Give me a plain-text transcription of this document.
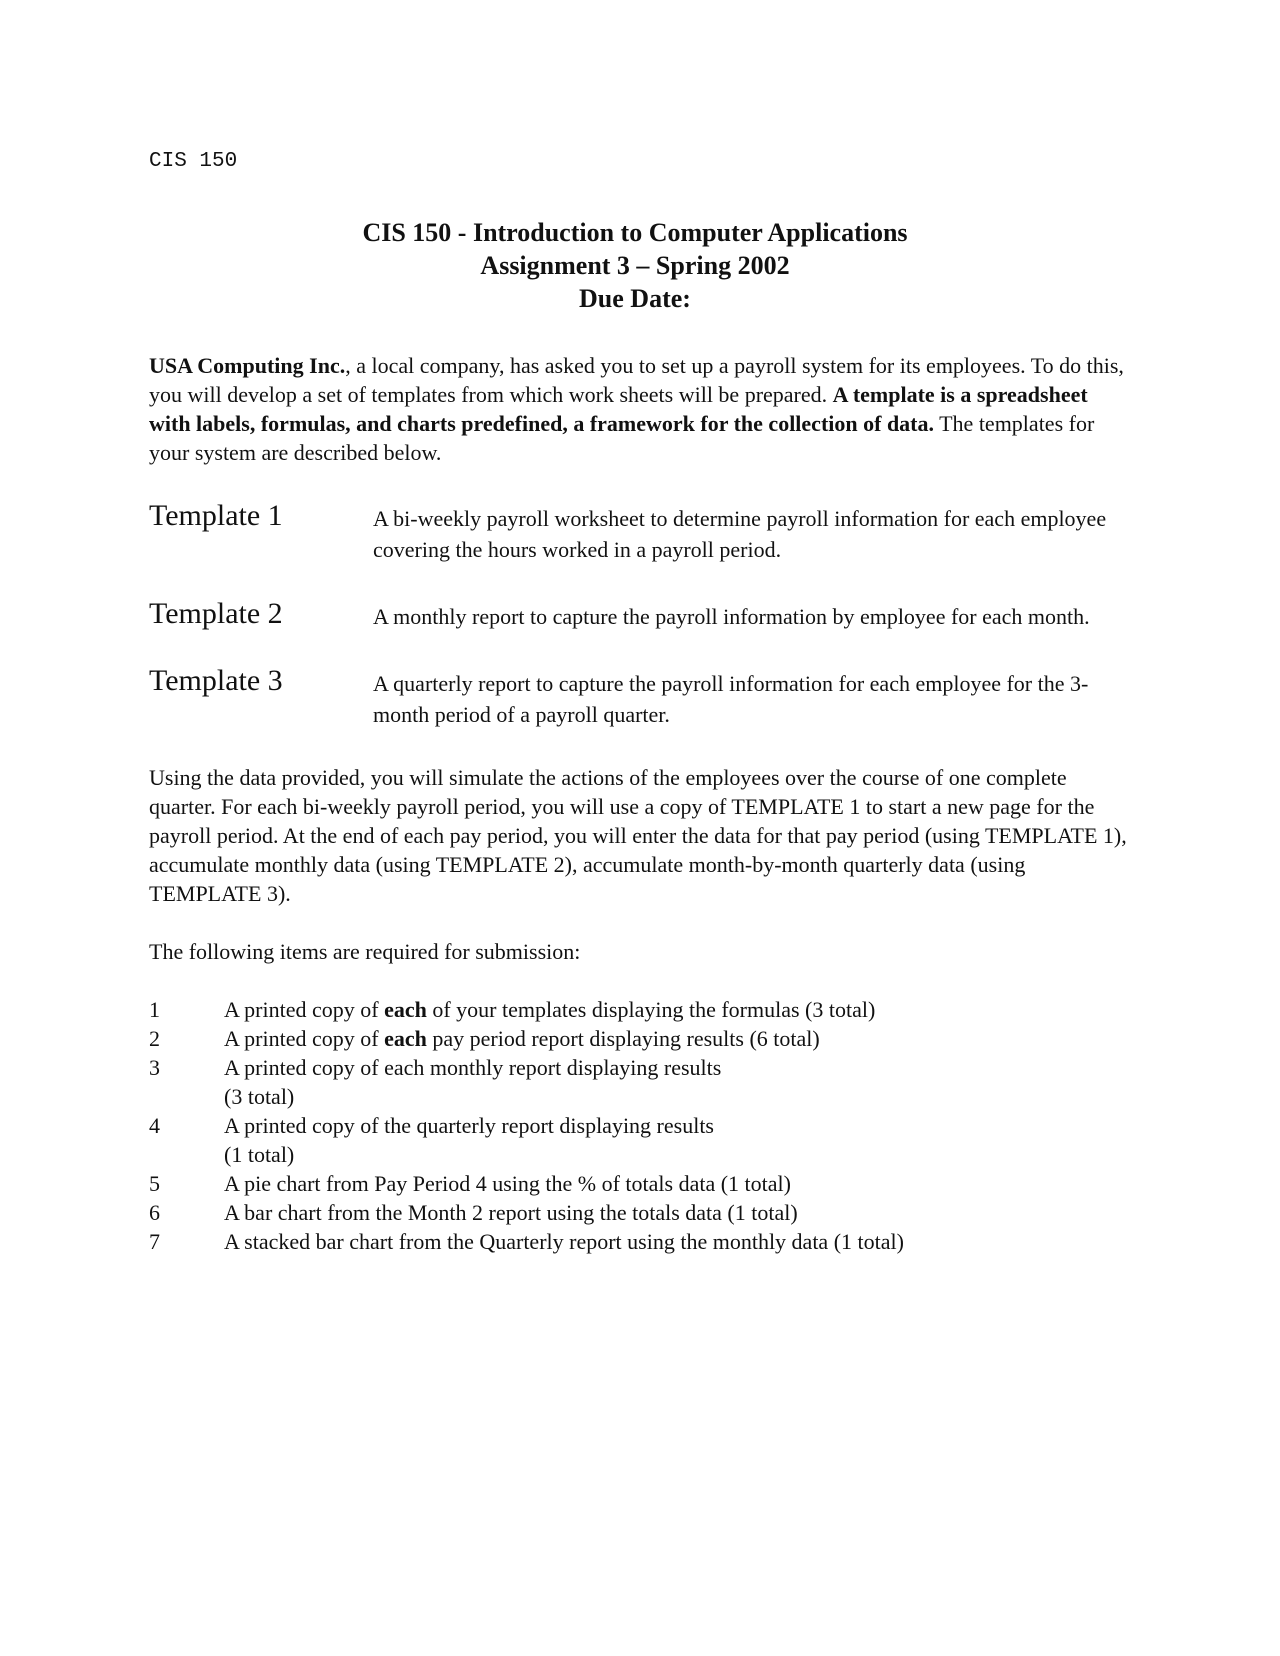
CIS 150

CIS 150 - Introduction to Computer Applications
Assignment 3 – Spring 2002
Due Date:
USA Computing Inc., a local company, has asked you to set up a payroll system for its employees. To do this, you will develop a set of templates from which work sheets will be prepared. A template is a spreadsheet with labels, formulas, and charts predefined, a framework for the collection of data. The templates for your system are described below.
Template 1	A bi-weekly payroll worksheet to determine payroll information for each employee covering the hours worked in a payroll period.
Template 2	A monthly report to capture the payroll information by employee for each month.
Template 3	A quarterly report to capture the payroll information for each employee for the 3-month period of a payroll quarter.
Using the data provided, you will simulate the actions of the employees over the course of one complete quarter. For each bi-weekly payroll period, you will use a copy of TEMPLATE 1 to start a new page for the payroll period. At the end of each pay period, you will enter the data for that pay period (using TEMPLATE 1), accumulate monthly data (using TEMPLATE 2), accumulate month-by-month quarterly data (using TEMPLATE 3).
The following items are required for submission:
1	A printed copy of each of your templates displaying the formulas (3 total)
2	A printed copy of each pay period report displaying results (6 total)
3	A printed copy of each monthly report displaying results
(3 total)
4	A printed copy of the quarterly report displaying results
(1 total)
5	A pie chart from Pay Period 4 using the % of totals data (1 total)
6	A bar chart from the Month 2 report using the totals data (1 total)
7	A stacked bar chart from the Quarterly report using the monthly data (1 total)
